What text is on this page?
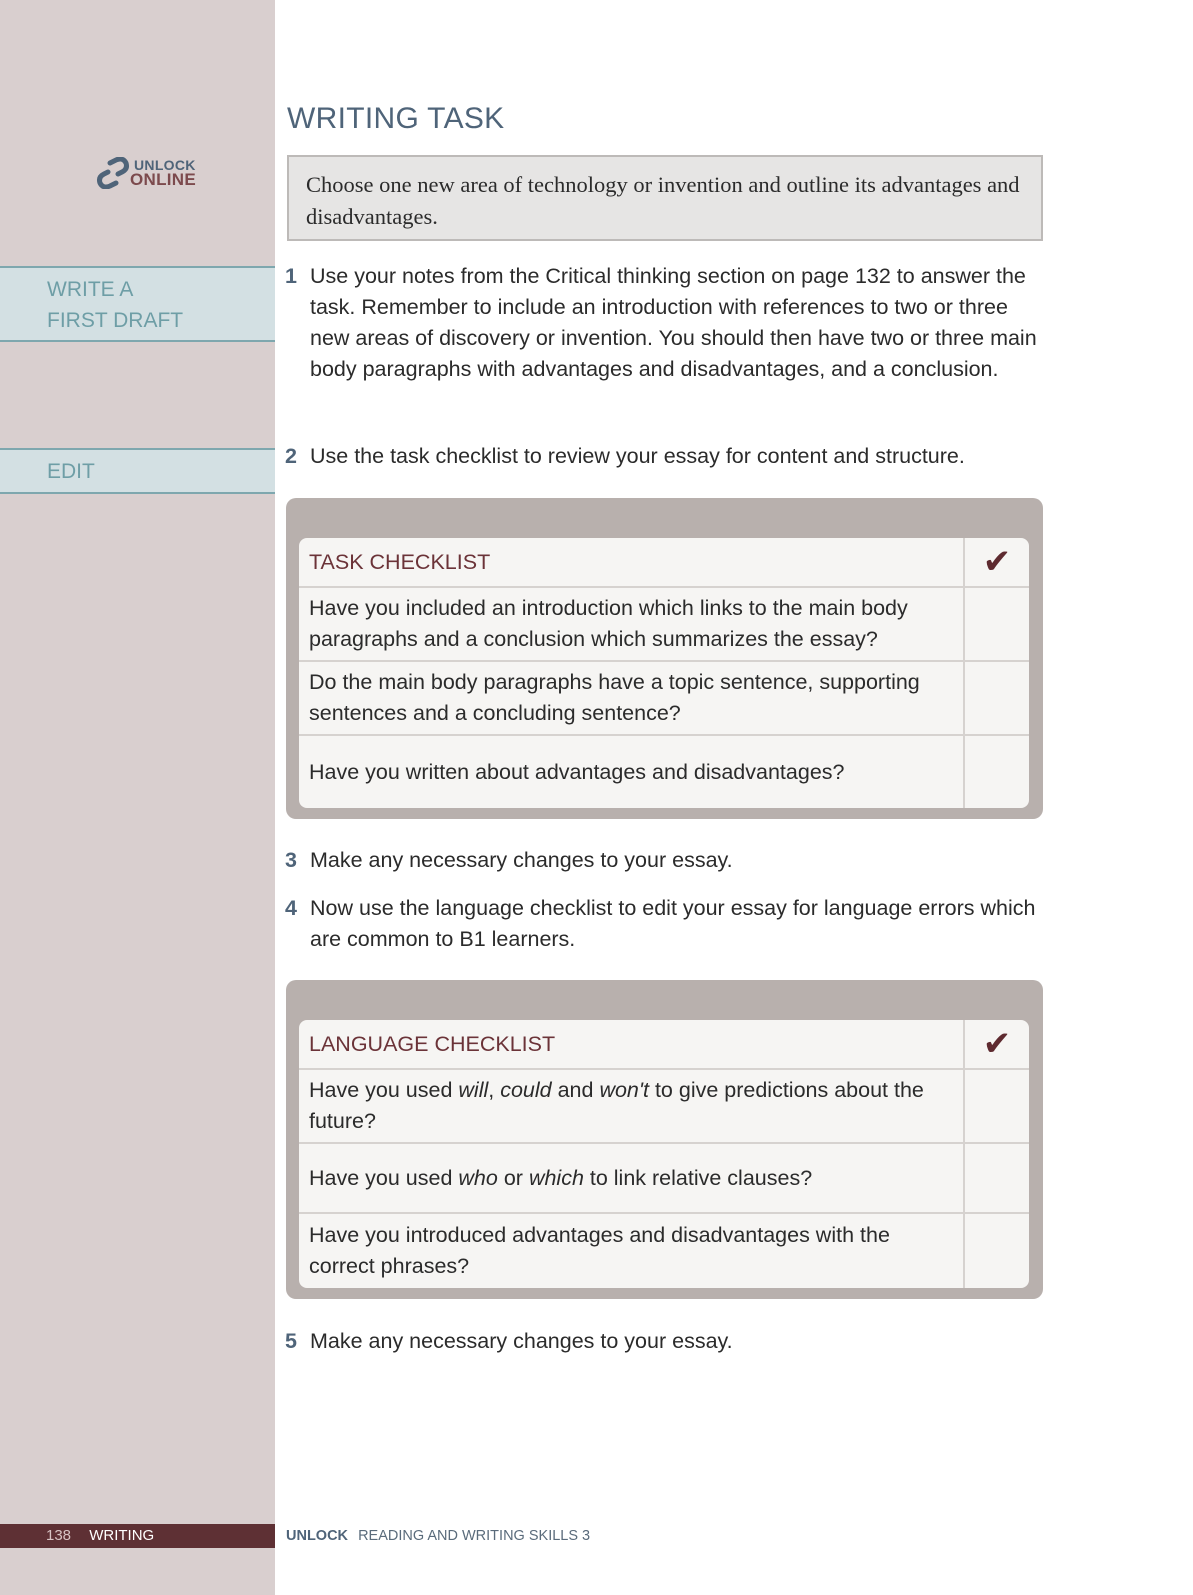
UNLOCK
ONLINE
WRITE A
FIRST DRAFT
EDIT
WRITING TASK
Choose one new area of technology or invention and outline its advantages and disadvantages.
1 Use your notes from the Critical thinking section on page 132 to answer the task. Remember to include an introduction with references to two or three new areas of discovery or invention. You should then have two or three main body paragraphs with advantages and disadvantages, and a conclusion.
2 Use the task checklist to review your essay for content and structure.
TASK CHECKLIST	✔
Have you included an introduction which links to the main body paragraphs and a conclusion which summarizes the essay?	
Do the main body paragraphs have a topic sentence, supporting sentences and a concluding sentence?	
Have you written about advantages and disadvantages?	
3 Make any necessary changes to your essay.
4 Now use the language checklist to edit your essay for language errors which are common to B1 learners.
LANGUAGE CHECKLIST	✔
Have you used will, could and won't to give predictions about the future?	
Have you used who or which to link relative clauses?	
Have you introduced advantages and disadvantages with the correct phrases?	
5 Make any necessary changes to your essay.
138 WRITING	UNLOCK READING AND WRITING SKILLS 3
